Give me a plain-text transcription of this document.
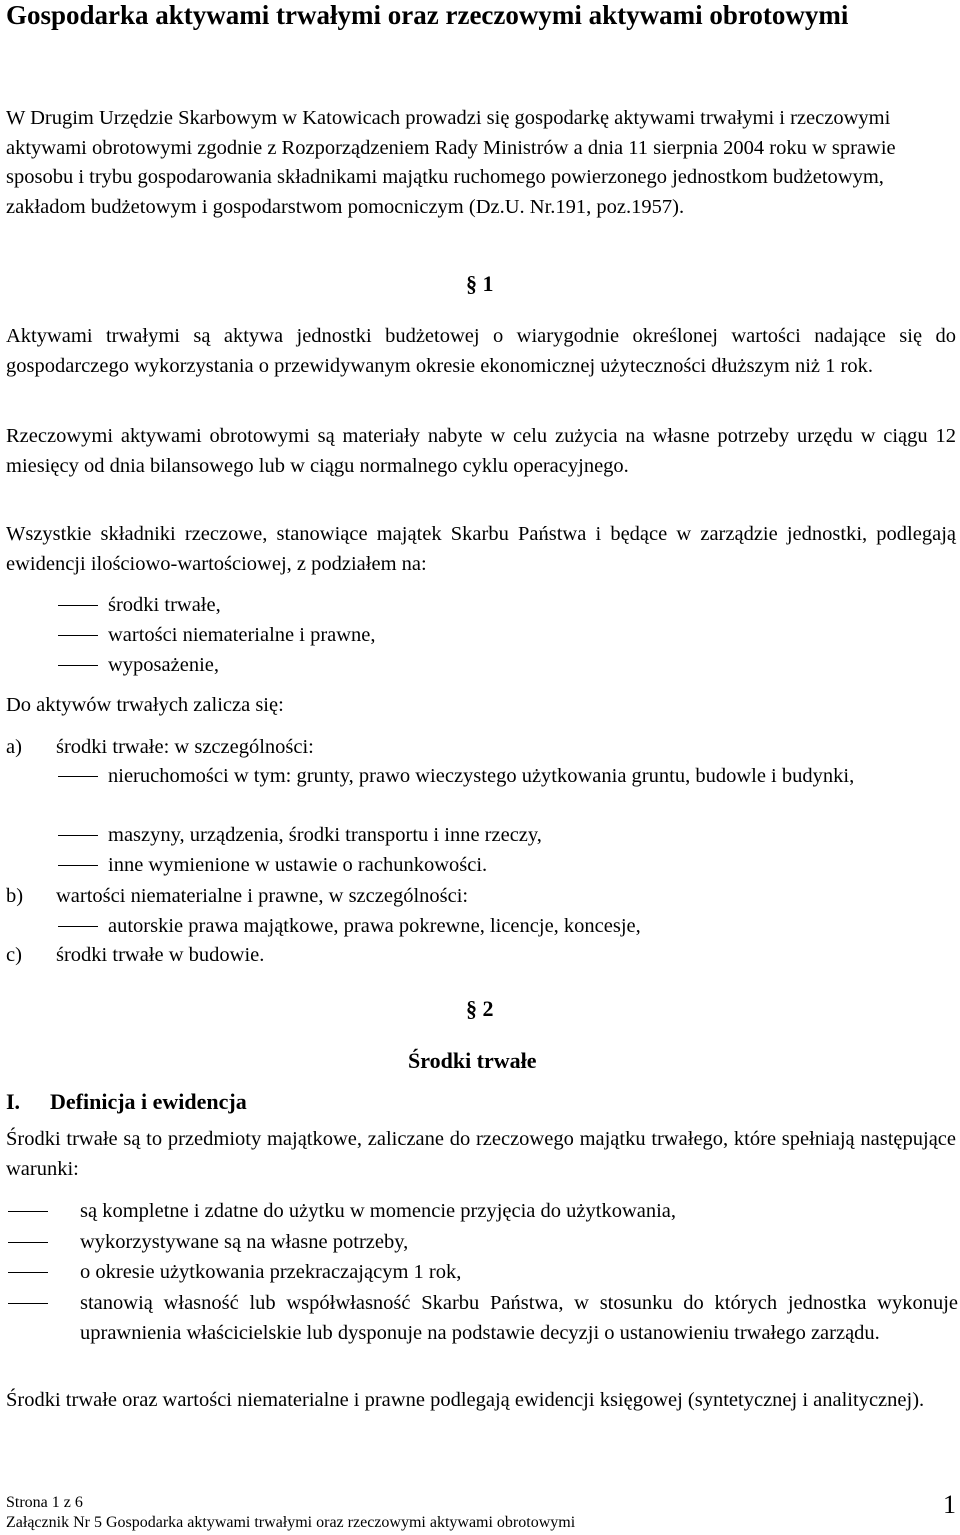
Gospodarka aktywami trwałymi oraz rzeczowymi aktywami obrotowymi

W Drugim Urzędzie Skarbowym w Katowicach prowadzi się gospodarkę aktywami trwałymi i rzeczowymi aktywami obrotowymi zgodnie z Rozporządzeniem Rady Ministrów a dnia 11 sierpnia 2004 roku w sprawie sposobu i trybu gospodarowania składnikami majątku ruchomego powierzonego jednostkom budżetowym, zakładom budżetowym i gospodarstwom pomocniczym (Dz.U. Nr.191, poz.1957).

§ 1

Aktywami trwałymi są aktywa jednostki budżetowej o wiarygodnie określonej wartości nadające się do gospodarczego wykorzystania o przewidywanym okresie ekonomicznej użyteczności dłuższym niż 1 rok.

Rzeczowymi aktywami obrotowymi są materiały nabyte w celu zużycia na własne potrzeby urzędu w ciągu 12 miesięcy od dnia bilansowego lub w ciągu normalnego cyklu operacyjnego.

Wszystkie składniki rzeczowe, stanowiące majątek Skarbu Państwa i będące w zarządzie jednostki, podlegają ewidencji ilościowo-wartościowej, z podziałem na:

środki trwałe,
wartości niematerialne i prawne,
wyposażenie,

Do aktywów trwałych zalicza się:

a) środki trwałe: w szczególności:
nieruchomości w tym: grunty, prawo wieczystego użytkowania gruntu, budowle i budynki,
maszyny, urządzenia, środki transportu i inne rzeczy,
inne wymienione w ustawie o rachunkowości.
b) wartości niematerialne i prawne, w szczególności:
autorskie prawa majątkowe, prawa pokrewne, licencje, koncesje,
c) środki trwałe w budowie.
§ 2
Środki trwałe
I. Definicja i ewidencja

Środki trwałe są to przedmioty majątkowe, zaliczane do rzeczowego majątku trwałego, które spełniają następujące warunki:

są kompletne i zdatne do użytku w momencie przyjęcia do użytkowania,
wykorzystywane są na własne potrzeby,
o okresie użytkowania przekraczającym 1 rok,
stanowią własność lub współwłasność Skarbu Państwa, w stosunku do których jednostka wykonuje uprawnienia właścicielskie lub dysponuje na podstawie decyzji o ustanowieniu trwałego zarządu.

Środki trwałe oraz wartości niematerialne i prawne podlegają ewidencji księgowej (syntetycznej i analitycznej).

Strona 1 z 6
Załącznik Nr 5 Gospodarka aktywami trwałymi oraz rzeczowymi aktywami obrotowymi
1
